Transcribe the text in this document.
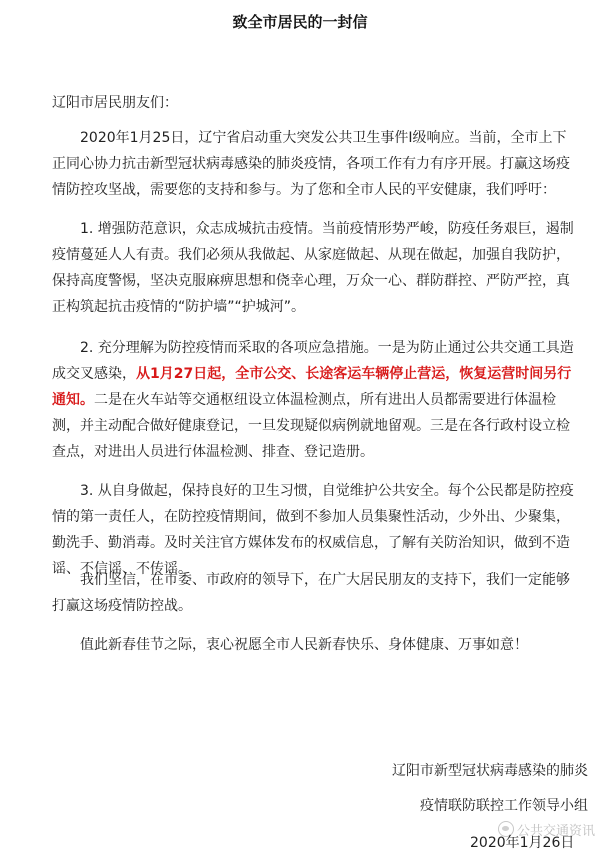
致全市居民的一封信
辽阳市居民朋友们：

2020年1月25日，辽宁省启动重大突发公共卫生事件Ⅰ级响应。当前，全市上下正同心协力抗击新型冠状病毒感染的肺炎疫情，各项工作有力有序开展。打赢这场疫情防控攻坚战，需要您的支持和参与。为了您和全市人民的平安健康，我们呼吁：

1. 增强防范意识，众志成城抗击疫情。当前疫情形势严峻，防疫任务艰巨，遏制疫情蔓延人人有责。我们必须从我做起、从家庭做起、从现在做起，加强自我防护，保持高度警惕，坚决克服麻痹思想和侥幸心理，万众一心、群防群控、严防严控，真正构筑起抗击疫情的“防护墙”“护城河”。

2. 充分理解为防控疫情而采取的各项应急措施。一是为防止通过公共交通工具造成交叉感染，从1月27日起，全市公交、长途客运车辆停止营运，恢复运营时间另行通知。二是在火车站等交通枢纽设立体温检测点，所有进出人员都需要进行体温检测，并主动配合做好健康登记，一旦发现疑似病例就地留观。三是在各行政村设立检查点，对进出人员进行体温检测、排查、登记造册。

3. 从自身做起，保持良好的卫生习惯，自觉维护公共安全。每个公民都是防控疫情的第一责任人，在防控疫情期间，做到不参加人员集聚性活动，少外出、少聚集，勤洗手、勤消毒。及时关注官方媒体发布的权威信息，了解有关防治知识，做到不造谣、不信谣、不传谣。

我们坚信，在市委、市政府的领导下，在广大居民朋友的支持下，我们一定能够打赢这场疫情防控战。

值此新春佳节之际，衷心祝愿全市人民新春快乐、身体健康、万事如意！

辽阳市新型冠状病毒感染的肺炎
疫情联防联控工作领导小组
公共交通资讯
2020年1月26日
